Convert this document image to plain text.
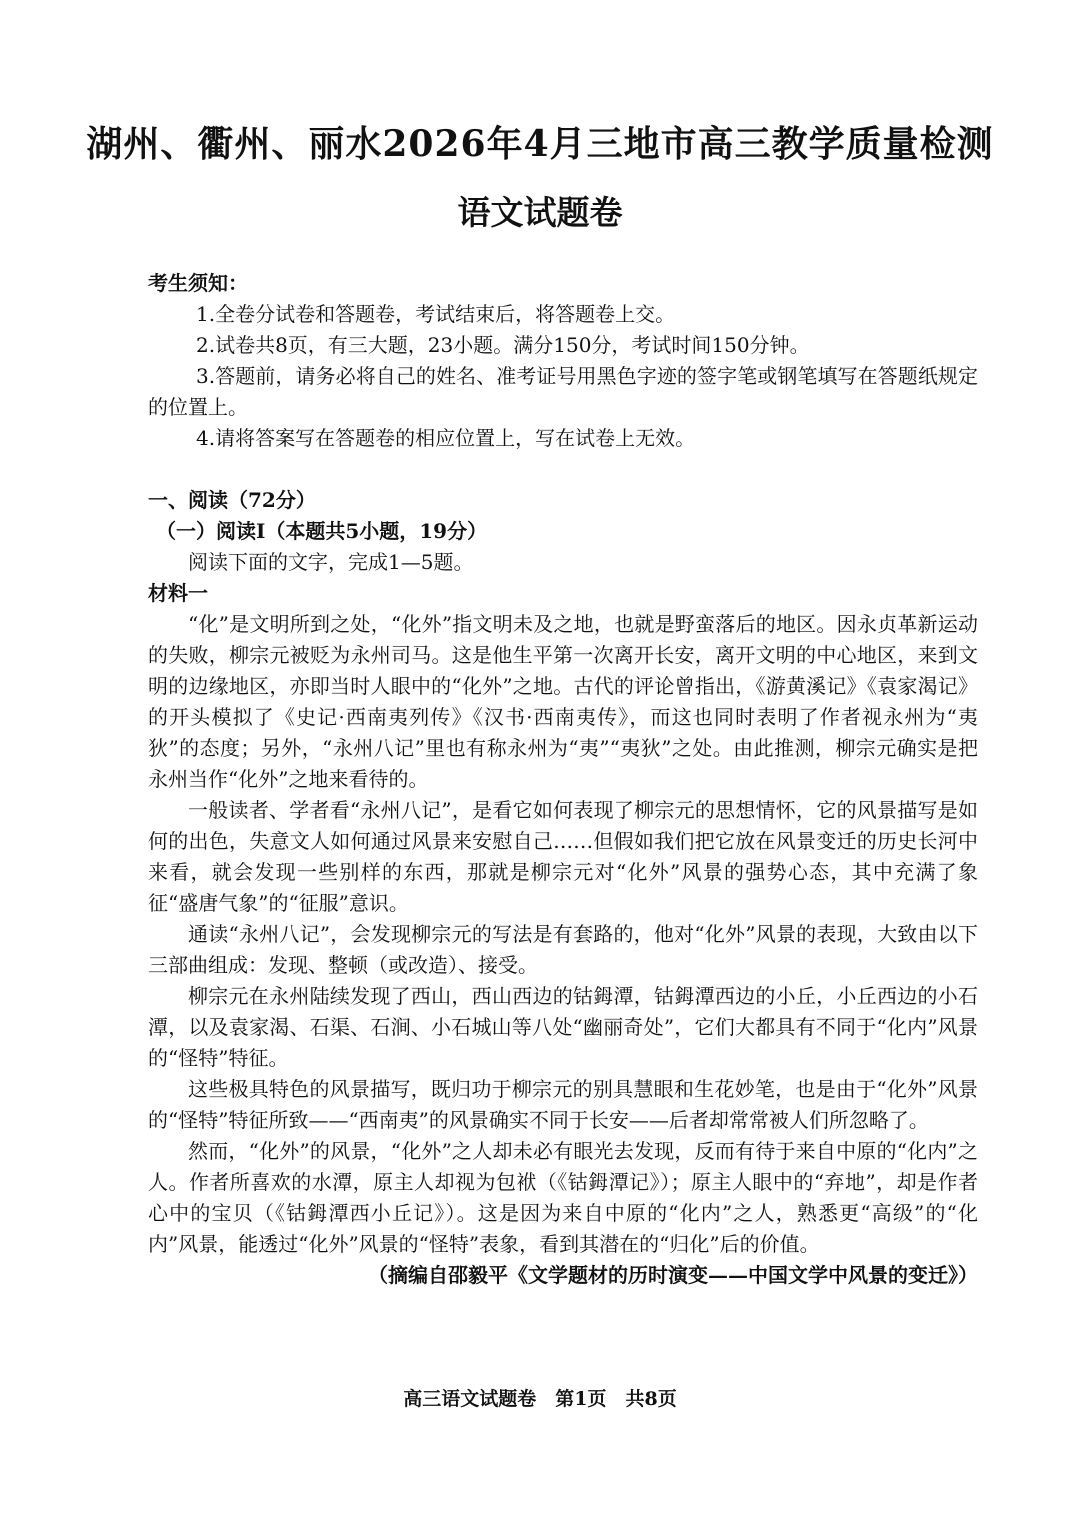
湖州、衢州、丽水2026年4月三地市高三教学质量检测
语文试题卷

考生须知：

1.全卷分试卷和答题卷，考试结束后，将答题卷上交。

2.试卷共8页，有三大题，23小题。满分150分，考试时间150分钟。

3.答题前，请务必将自己的姓名、准考证号用黑色字迹的签字笔或钢笔填写在答题纸规定的位置上。

4.请将答案写在答题卷的相应位置上，写在试卷上无效。

一、阅读（72分）

（一）阅读Ⅰ（本题共5小题，19分）

阅读下面的文字，完成1—5题。

材料一

“化”是文明所到之处，“化外”指文明未及之地，也就是野蛮落后的地区。因永贞革新运动的失败，柳宗元被贬为永州司马。这是他生平第一次离开长安，离开文明的中心地区，来到文明的边缘地区，亦即当时人眼中的“化外”之地。古代的评论曾指出，《游黄溪记》《袁家渴记》的开头模拟了《史记·西南夷列传》《汉书·西南夷传》，而这也同时表明了作者视永州为“夷狄”的态度；另外，“永州八记”里也有称永州为“夷”“夷狄”之处。由此推测，柳宗元确实是把永州当作“化外”之地来看待的。

一般读者、学者看“永州八记”，是看它如何表现了柳宗元的思想情怀，它的风景描写是如何的出色，失意文人如何通过风景来安慰自己……但假如我们把它放在风景变迁的历史长河中来看，就会发现一些别样的东西，那就是柳宗元对“化外”风景的强势心态，其中充满了象征“盛唐气象”的“征服”意识。

通读“永州八记”，会发现柳宗元的写法是有套路的，他对“化外”风景的表现，大致由以下三部曲组成：发现、整顿（或改造）、接受。

柳宗元在永州陆续发现了西山，西山西边的钴鉧潭，钴鉧潭西边的小丘，小丘西边的小石潭，以及袁家渴、石渠、石涧、小石城山等八处“幽丽奇处”，它们大都具有不同于“化内”风景的“怪特”特征。

这些极具特色的风景描写，既归功于柳宗元的别具慧眼和生花妙笔，也是由于“化外”风景的“怪特”特征所致——“西南夷”的风景确实不同于长安——后者却常常被人们所忽略了。

然而，“化外”的风景，“化外”之人却未必有眼光去发现，反而有待于来自中原的“化内”之人。作者所喜欢的水潭，原主人却视为包袱（《钴鉧潭记》）；原主人眼中的“弃地”，却是作者心中的宝贝（《钴鉧潭西小丘记》）。这是因为来自中原的“化内”之人，熟悉更“高级”的“化内”风景，能透过“化外”风景的“怪特”表象，看到其潜在的“归化”后的价值。

（摘编自邵毅平《文学题材的历时演变——中国文学中风景的变迁》）

高三语文试题卷　第1页　共8页
